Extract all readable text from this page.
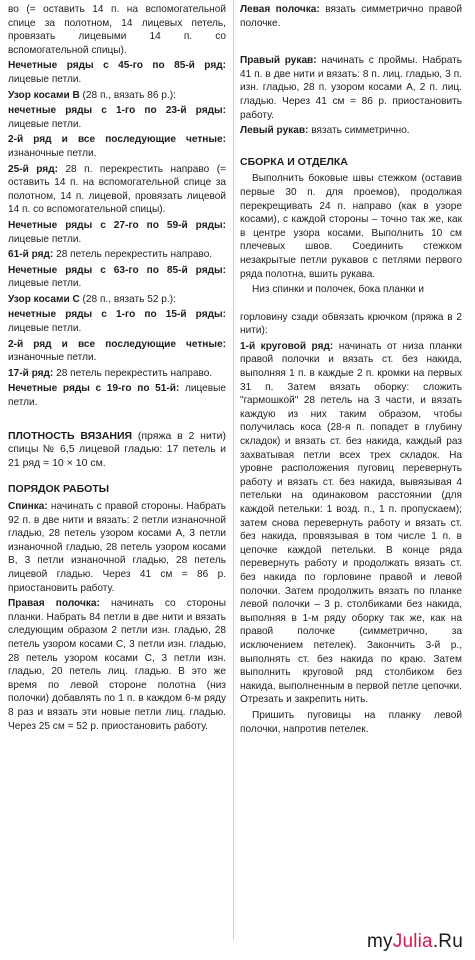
во (= оставить 14 п. на вспомогательной спице за полотном, 14 лицевых петель, провязать лицевыми 14 п. со вспомогательной спицы).

Нечетные ряды с 45-го по 85-й ряд: лицевые петли.

Узор косами В (28 п., вязать 86 р.):

нечетные ряды с 1-го по 23-й ряды: лицевые петли.

2-й ряд и все последующие четные: изнаночные петли.

25-й ряд: 28 п. перекрестить направо (= оставить 14 п. на вспомогательной спице за полотном, 14 п. лицевой, провязать лицевой 14 п. со вспомогательной спицы).

Нечетные ряды с 27-го по 59-й ряды: лицевые петли.

61-й ряд: 28 петель перекрестить направо.

Нечетные ряды с 63-го по 85-й ряды: лицевые петли.

Узор косами С (28 п., вязать 52 р.):

нечетные ряды с 1-го по 15-й ряды: лицевые петли.

2-й ряд и все последующие четные: изнаночные петли.

17-й ряд: 28 петель перекрестить направо.

Нечетные ряды с 19-го по 51-й: лицевые петли.

ПЛОТНОСТЬ ВЯЗАНИЯ (пряжа в 2 нити) спицы № 6,5 лицевой гладью: 17 петель и 21 ряд = 10 × 10 см.

ПОРЯДОК РАБОТЫ

Спинка: начинать с правой стороны. Набрать 92 п. в две нити и вязать: 2 петли изнаночной гладью, 28 петель узором косами А, 3 петли изнаночной гладью, 28 петель узором косами В, 3 петли изнаночной гладью, 28 петель лицевой гладью. Через 41 см = 86 р. приостановить работу.

Правая полочка: начинать со стороны планки. Набрать 84 петли в две нити и вязать следующим образом 2 петли изн. гладью, 28 петель узором косами С, 3 петли изн. гладью, 28 петель узором косами С, 3 петли изн. гладью, 20 петель лиц. гладью. В это же время по левой стороне полотна (низ полочки) добавлять по 1 п. в каждом 6-м ряду 8 раз и вязать эти новые петли лиц. гладью. Через 25 см = 52 р. приостановить работу.

Левая полочка: вязать симметрично правой полочке.

Правый рукав: начинать с проймы. Набрать 41 п. в две нити и вязать: 8 п. лиц. гладью, 3 п. изн. гладью, 28 п. узором косами А, 2 п. лиц. гладью. Через 41 см = 86 р. приостановить работу.

Левый рукав: вязать симметрично.

СБОРКА И ОТДЕЛКА

Выполнить боковые швы стежком (оставив первые 30 п. для проемов), продолжая перекрещивать 24 п. направо (как в узоре косами), с каждой стороны – точно так же, как в центре узора косами. Выполнить 10 см плечевых швов. Соединить стежком незакрытые петли рукавов с петлями первого ряда полотна, вшить рукава.

Низ спинки и полочек, бока планки и

горловину сзади обвязать крючком (пряжа в 2 нити):

1-й круговой ряд: начинать от низа планки правой полочки и вязать ст. без накида, выполняя 1 п. в каждые 2 п. кромки на первых 31 п. Затем вязать оборку: сложить "гармошкой" 28 петель на 3 части, и вязать каждую из них таким образом, чтобы получилась коса (28-я п. попадет в глубину складок) и вязать ст. без накида, каждый раз захватывая петли всех трех складок. На уровне расположения пуговиц перевернуть работу и вязать ст. без накида, вывязывая 4 петельки на одинаковом расстоянии (для каждой петельки: 1 возд. п., 1 п. пропускаем); затем снова перевернуть работу и вязать ст. без накида, провязывая в том числе 1 п. в цепочке каждой петельки. В конце ряда перевернуть работу и продолжать вязать ст. без накида по горловине правой и левой полочки. Затем продолжить вязать по планке левой полочки – 3 р. столбиками без накида, выполняя в 1-м ряду оборку так же, как на правой полочке (симметрично, за исключением петелек). Закончить 3-й р., выполнять ст. без накида по краю. Затем выполнить круговой ряд столбиком без накида, выполненным в первой петле цепочки. Отрезать и закрепить нить.

Пришить пуговицы на планку левой полочки, напротив петелек.

myJulia.Ru
